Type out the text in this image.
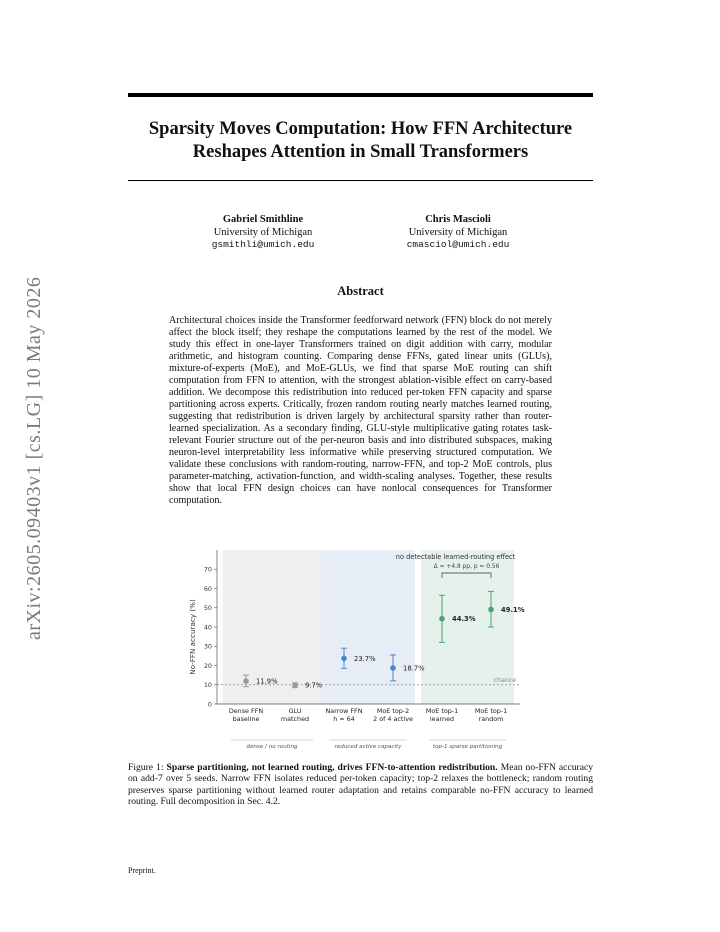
arXiv:2605.09403v1 [cs.LG] 10 May 2026
Sparsity Moves Computation: How FFN Architecture
Reshapes Attention in Small Transformers
Gabriel Smithline
University of Michigan
gsmithli@umich.edu
Chris Mascioli
University of Michigan
cmasciol@umich.edu
Abstract
Architectural choices inside the Transformer feedforward network (FFN) block do not merely affect the block itself; they reshape the computations learned by the rest of the model. We study this effect in one-layer Transformers trained on digit addition with carry, modular arithmetic, and histogram counting. Comparing dense FFNs, gated linear units (GLUs), mixture-of-experts (MoE), and MoE-GLUs, we find that sparse MoE routing can shift computation from FFN to attention, with the strongest ablation-visible effect on carry-based addition. We decompose this redistribution into reduced per-token FFN capacity and sparse partitioning across experts. Critically, frozen random routing nearly matches learned routing, suggesting that redistribution is driven largely by architectural sparsity rather than router-learned specialization. As a secondary finding, GLU-style multiplicative gating rotates task-relevant Fourier structure out of the per-neuron basis and into distributed subspaces, making neuron-level interpretability less informative while preserving structured computation. We validate these conclusions with random-routing, narrow-FFN, and top-2 MoE controls, plus parameter-matching, activation-function, and width-scaling analyses. Together, these results show that local FFN design choices can have nonlocal consequences for Transformer computation.
0
10
20
30
40
50
60
70
No-FFN accuracy (%)
chance
11.9%
Dense FFN
baseline
9.7%
GLU
matched
23.7%
Narrow FFN
h = 64
18.7%
MoE top-2
2 of 4 active
44.3%
MoE top-1
learned
49.1%
MoE top-1
random
dense / no routing	reduced active capacity	top-1 sparse partitioning
no detectable learned-routing effect
Δ = +4.8 pp, p = 0.56
Figure 1: Sparse partitioning, not learned routing, drives FFN-to-attention redistribution. Mean no-FFN accuracy on add-7 over 5 seeds. Narrow FFN isolates reduced per-token capacity; top-2 relaxes the bottleneck; random routing preserves sparse partitioning without learned router adaptation and retains comparable no-FFN accuracy to learned routing. Full decomposition in Sec. 4.2.
Preprint.
